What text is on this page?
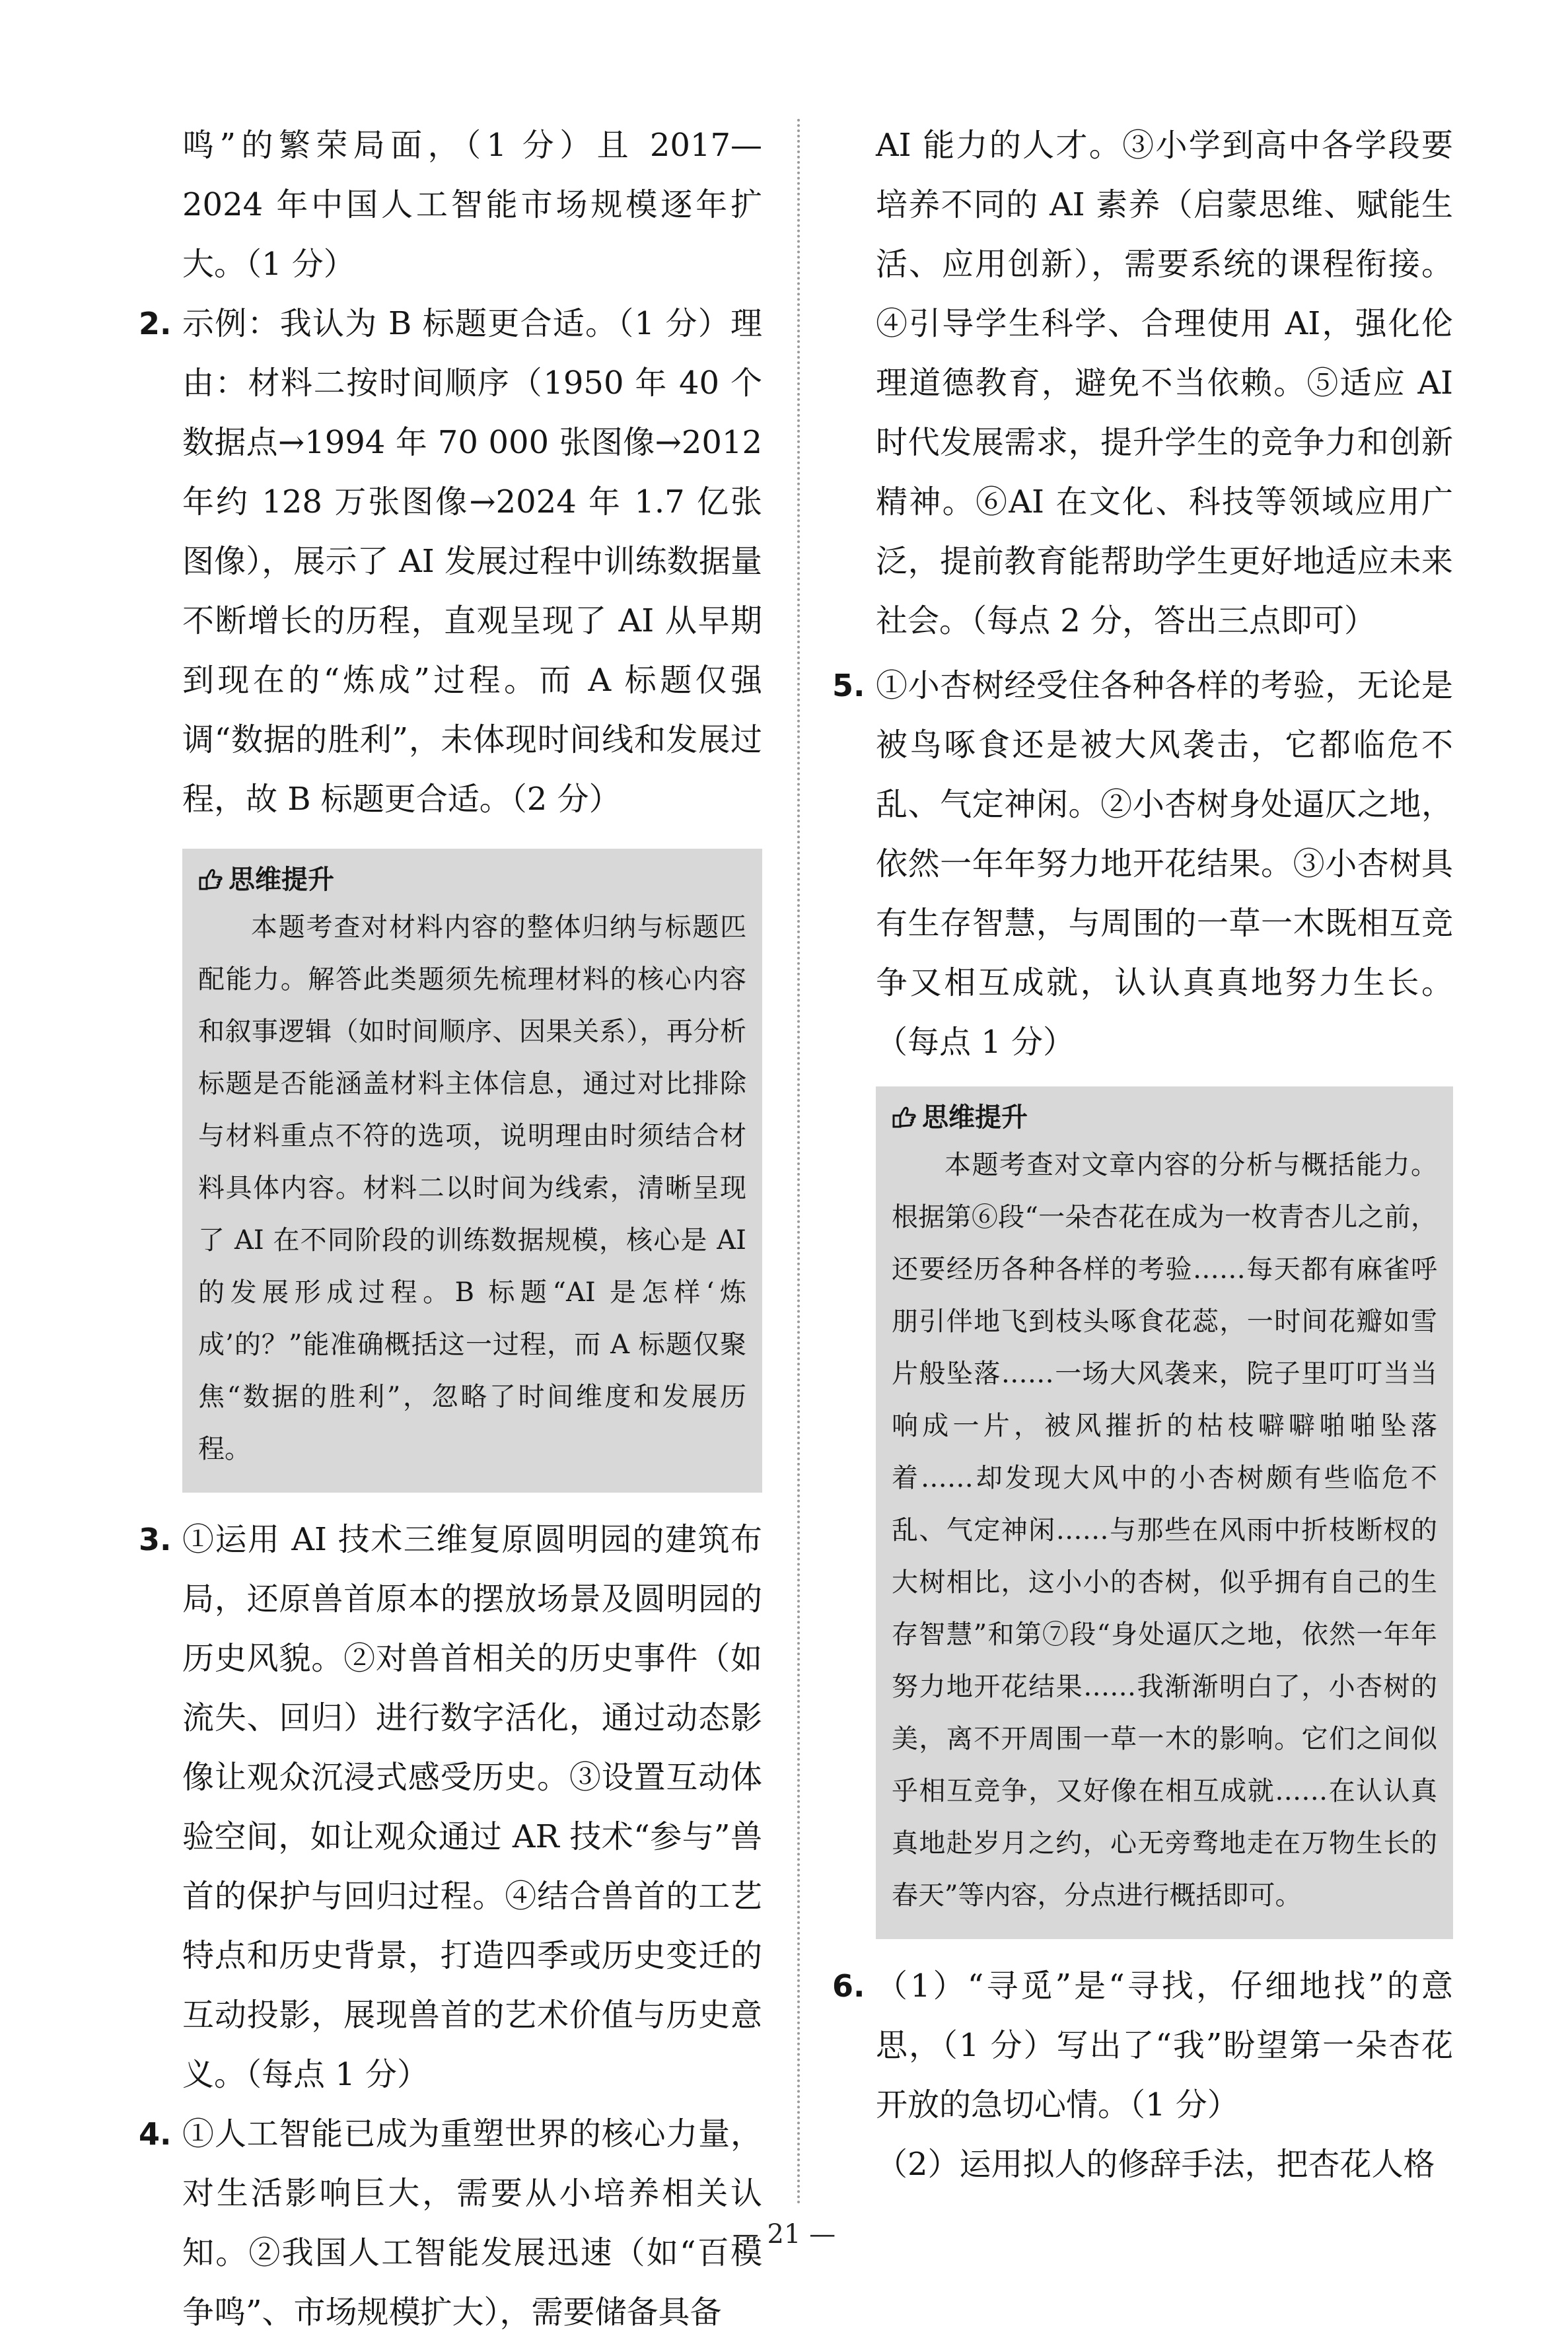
鸣”的繁荣局面，（1 分）且 2017—2024 年中国人工智能市场规模逐年扩大。（1 分）

2. 示例：我认为 B 标题更合适。（1 分）理由：材料二按时间顺序（1950 年 40 个数据点→1994 年 70 000 张图像→2012 年约 128 万张图像→2024 年 1.7 亿张图像），展示了 AI 发展过程中训练数据量不断增长的历程，直观呈现了 AI 从早期到现在的“炼成”过程。而 A 标题仅强调“数据的胜利”，未体现时间线和发展过程，故 B 标题更合适。（2 分）
思维提升

本题考查对材料内容的整体归纳与标题匹配能力。解答此类题须先梳理材料的核心内容和叙事逻辑（如时间顺序、因果关系），再分析标题是否能涵盖材料主体信息，通过对比排除与材料重点不符的选项，说明理由时须结合材料具体内容。材料二以时间为线索，清晰呈现了 AI 在不同阶段的训练数据规模，核心是 AI 的发展形成过程。B 标题“AI 是怎样‘炼成’的？”能准确概括这一过程，而 A 标题仅聚焦“数据的胜利”，忽略了时间维度和发展历程。

3. ①运用 AI 技术三维复原圆明园的建筑布局，还原兽首原本的摆放场景及圆明园的历史风貌。②对兽首相关的历史事件（如流失、回归）进行数字活化，通过动态影像让观众沉浸式感受历史。③设置互动体验空间，如让观众通过 AR 技术“参与”兽首的保护与回归过程。④结合兽首的工艺特点和历史背景，打造四季或历史变迁的互动投影，展现兽首的艺术价值与历史意义。（每点 1 分）
4. ①人工智能已成为重塑世界的核心力量，对生活影响巨大，需要从小培养相关认知。②我国人工智能发展迅速（如“百模争鸣”、市场规模扩大），需要储备具备

AI 能力的人才。③小学到高中各学段要培养不同的 AI 素养（启蒙思维、赋能生活、应用创新），需要系统的课程衔接。④引导学生科学、合理使用 AI，强化伦理道德教育，避免不当依赖。⑤适应 AI 时代发展需求，提升学生的竞争力和创新精神。⑥AI 在文化、科技等领域应用广泛，提前教育能帮助学生更好地适应未来社会。（每点 2 分，答出三点即可）

5. ①小杏树经受住各种各样的考验，无论是被鸟啄食还是被大风袭击，它都临危不乱、气定神闲。②小杏树身处逼仄之地，依然一年年努力地开花结果。③小杏树具有生存智慧，与周围的一草一木既相互竞争又相互成就，认认真真地努力生长。（每点 1 分）
思维提升

本题考查对文章内容的分析与概括能力。根据第⑥段“一朵杏花在成为一枚青杏儿之前，还要经历各种各样的考验……每天都有麻雀呼朋引伴地飞到枝头啄食花蕊，一时间花瓣如雪片般坠落……一场大风袭来，院子里叮叮当当响成一片，被风摧折的枯枝噼噼啪啪坠落着……却发现大风中的小杏树颇有些临危不乱、气定神闲……与那些在风雨中折枝断杈的大树相比，这小小的杏树，似乎拥有自己的生存智慧”和第⑦段“身处逼仄之地，依然一年年努力地开花结果……我渐渐明白了，小杏树的美，离不开周围一草一木的影响。它们之间似乎相互竞争，又好像在相互成就……在认认真真地赴岁月之约，心无旁骛地走在万物生长的春天”等内容，分点进行概括即可。

6. （1）“寻觅”是“寻找，仔细地找”的意思，（1 分）写出了“我”盼望第一朵杏花开放的急切心情。（1 分）
（2）运用拟人的修辞手法，把杏花人格
— 21 —
